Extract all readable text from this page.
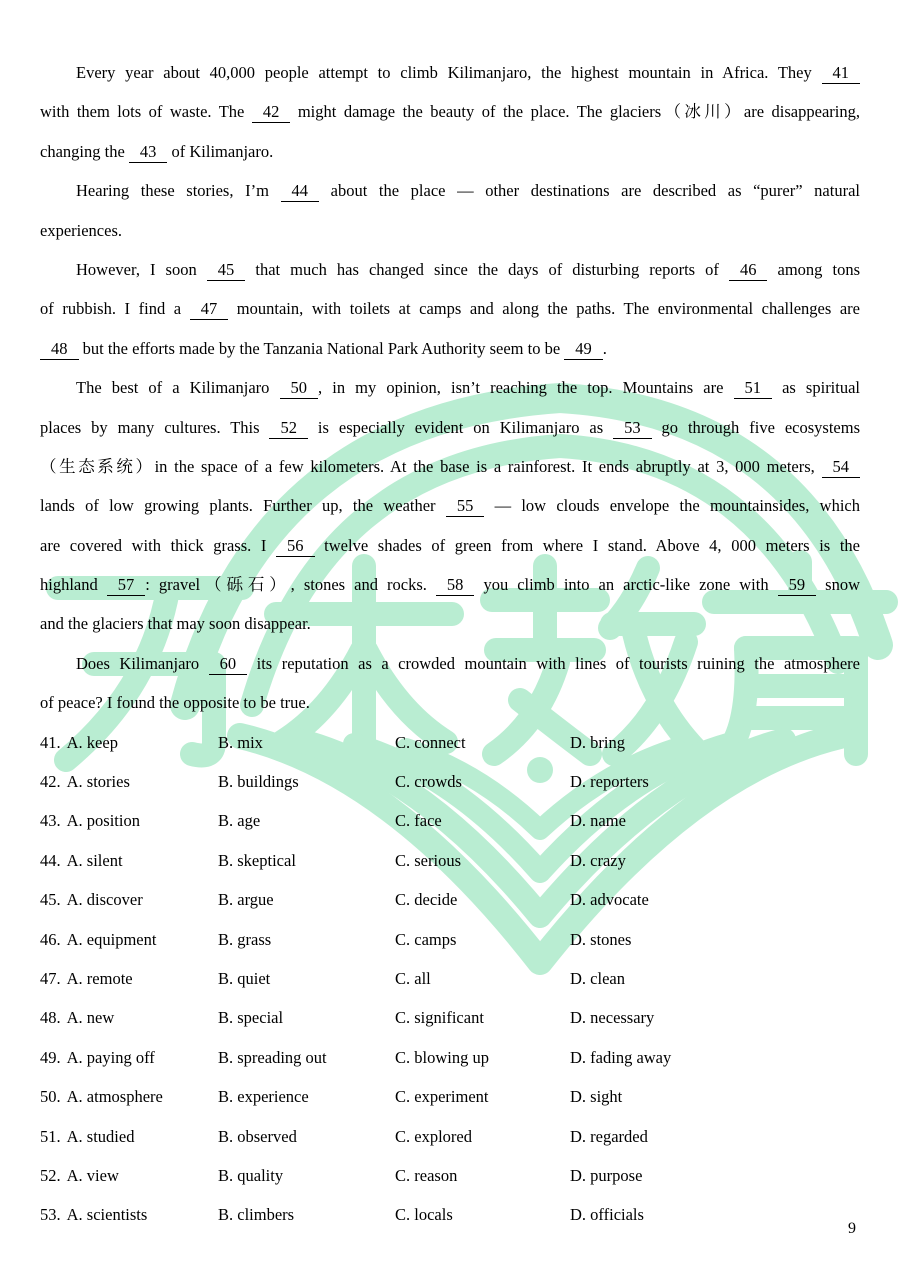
Every year about 40,000 people attempt to climb Kilimanjaro, the highest mountain in Africa. They 41
with them lots of waste. The 42 might damage the beauty of the place. The glaciers（冰川）are disappearing,
changing the 43 of Kilimanjaro.
Hearing these stories, I’m 44 about the place — other destinations are described as “purer” natural
experiences.
However, I soon 45 that much has changed since the days of disturbing reports of 46 among tons
of rubbish. I find a 47 mountain, with toilets at camps and along the paths. The environmental challenges are
48 but the efforts made by the Tanzania National Park Authority seem to be 49 .
The best of a Kilimanjaro 50 , in my opinion, isn’t reaching the top. Mountains are 51 as spiritual
places by many cultures. This 52 is especially evident on Kilimanjaro as 53 go through five ecosystems
（生态系统）in the space of a few kilometers. At the base is a rainforest. It ends abruptly at 3, 000 meters, 54
lands of low growing plants. Further up, the weather 55 — low clouds envelope the mountainsides, which
are covered with thick grass. I 56 twelve shades of green from where I stand. Above 4, 000 meters is the
highland 57 : gravel（砾石）, stones and rocks. 58 you climb into an arctic-like zone with 59 snow
and the glaciers that may soon disappear.
Does Kilimanjaro 60 its reputation as a crowded mountain with lines of tourists ruining the atmosphere
of peace? I found the opposite to be true.
41. A. keep	B. mix	C. connect	D. bring
42. A. stories	B. buildings	C. crowds	D. reporters
43. A. position	B. age	C. face	D. name
44. A. silent	B. skeptical	C. serious	D. crazy
45. A. discover	B. argue	C. decide	D. advocate
46. A. equipment	B. grass	C. camps	D. stones
47. A. remote	B. quiet	C. all	D. clean
48. A. new	B. special	C. significant	D. necessary
49. A. paying off	B. spreading out	C. blowing up	D. fading away
50. A. atmosphere	B. experience	C. experiment	D. sight
51. A. studied	B. observed	C. explored	D. regarded
52. A. view	B. quality	C. reason	D. purpose
53. A. scientists	B. climbers	C. locals	D. officials
9
